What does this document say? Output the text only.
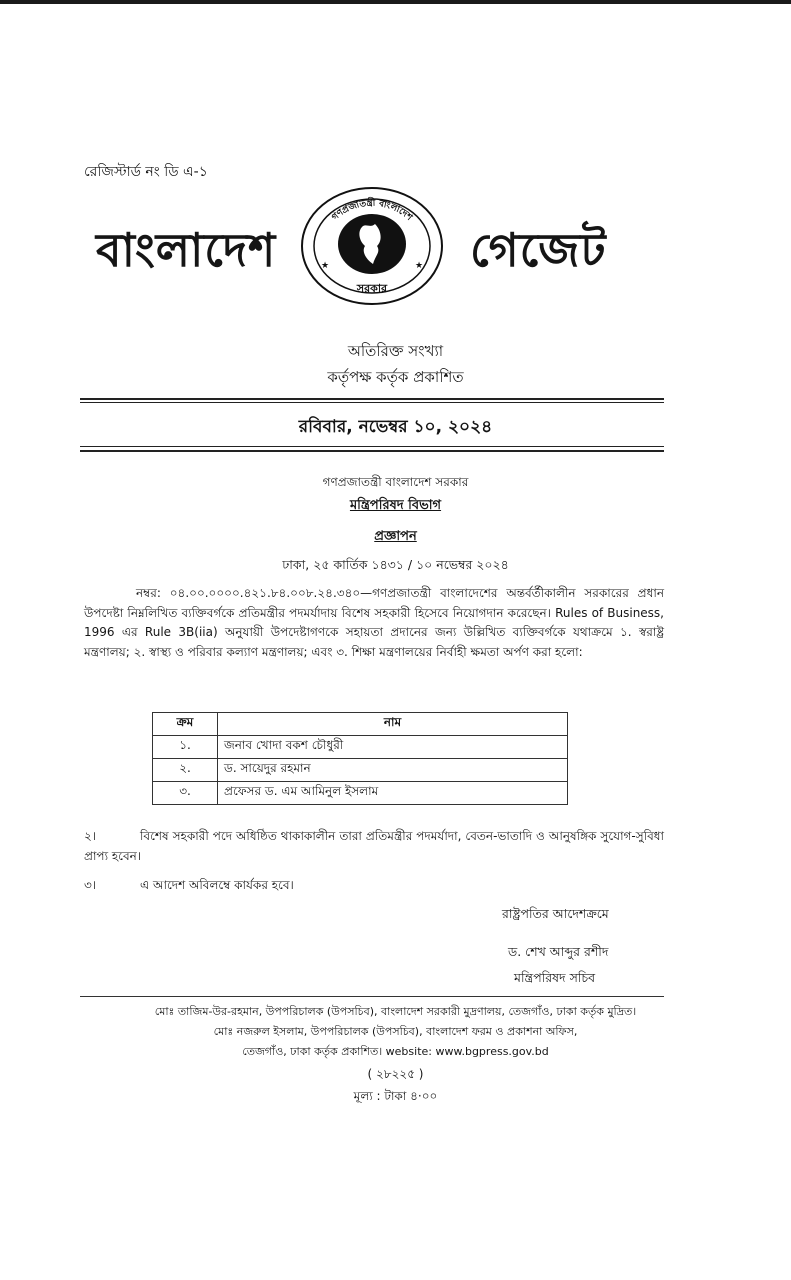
রেজিস্টার্ড নং ডি এ-১
বাংলাদেশ
গণপ্রজাতন্ত্রী বাংলাদেশ
সরকার
★	★ গেজেট
অতিরিক্ত সংখ্যা
কর্তৃপক্ষ কর্তৃক প্রকাশিত
রবিবার, নভেম্বর ১০, ২০২৪
গণপ্রজাতন্ত্রী বাংলাদেশ সরকার
মন্ত্রিপরিষদ বিভাগ
প্রজ্ঞাপন
ঢাকা, ২৫ কার্তিক ১৪৩১ / ১০ নভেম্বর ২০২৪
নম্বর: ০৪.০০.০০০০.৪২১.৮৪.০০৮.২৪.৩৪০—গণপ্রজাতন্ত্রী বাংলাদেশের অন্তর্বর্তীকালীন সরকারের প্রধান উপদেষ্টা নিম্নলিখিত ব্যক্তিবর্গকে প্রতিমন্ত্রীর পদমর্যাদায় বিশেষ সহকারী হিসেবে নিয়োগদান করেছেন। Rules of Business, 1996 এর Rule 3B(iia) অনুযায়ী উপদেষ্টাগণকে সহায়তা প্রদানের জন্য উল্লিখিত ব্যক্তিবর্গকে যথাক্রমে ১. স্বরাষ্ট্র মন্ত্রণালয়; ২. স্বাস্থ্য ও পরিবার কল্যাণ মন্ত্রণালয়; এবং ৩. শিক্ষা মন্ত্রণালয়ের নির্বাহী ক্ষমতা অর্পণ করা হলো:
ক্রম	নাম
১.	জনাব খোদা বকশ চৌধুরী
২.	ড. সায়েদুর রহমান
৩.	প্রফেসর ড. এম আমিনুল ইসলাম
২।	বিশেষ সহকারী পদে অধিষ্ঠিত থাকাকালীন তারা প্রতিমন্ত্রীর পদমর্যাদা, বেতন-ভাতাদি ও আনুষঙ্গিক সুযোগ-সুবিধা প্রাপ্য হবেন।
৩।	এ আদেশ অবিলম্বে কার্যকর হবে।
রাষ্ট্রপতির আদেশক্রমে
ড. শেখ আব্দুর রশীদ
মন্ত্রিপরিষদ সচিব
মোঃ তাজিম-উর-রহমান, উপপরিচালক (উপসচিব), বাংলাদেশ সরকারী মুদ্রণালয়, তেজগাঁও, ঢাকা কর্তৃক মুদ্রিত।
মোঃ নজরুল ইসলাম, উপপরিচালক (উপসচিব), বাংলাদেশ ফরম ও প্রকাশনা অফিস,
তেজগাঁও, ঢাকা কর্তৃক প্রকাশিত। website: www.bgpress.gov.bd
( ২৮২২৫ )
মূল্য : টাকা ৪·০০
